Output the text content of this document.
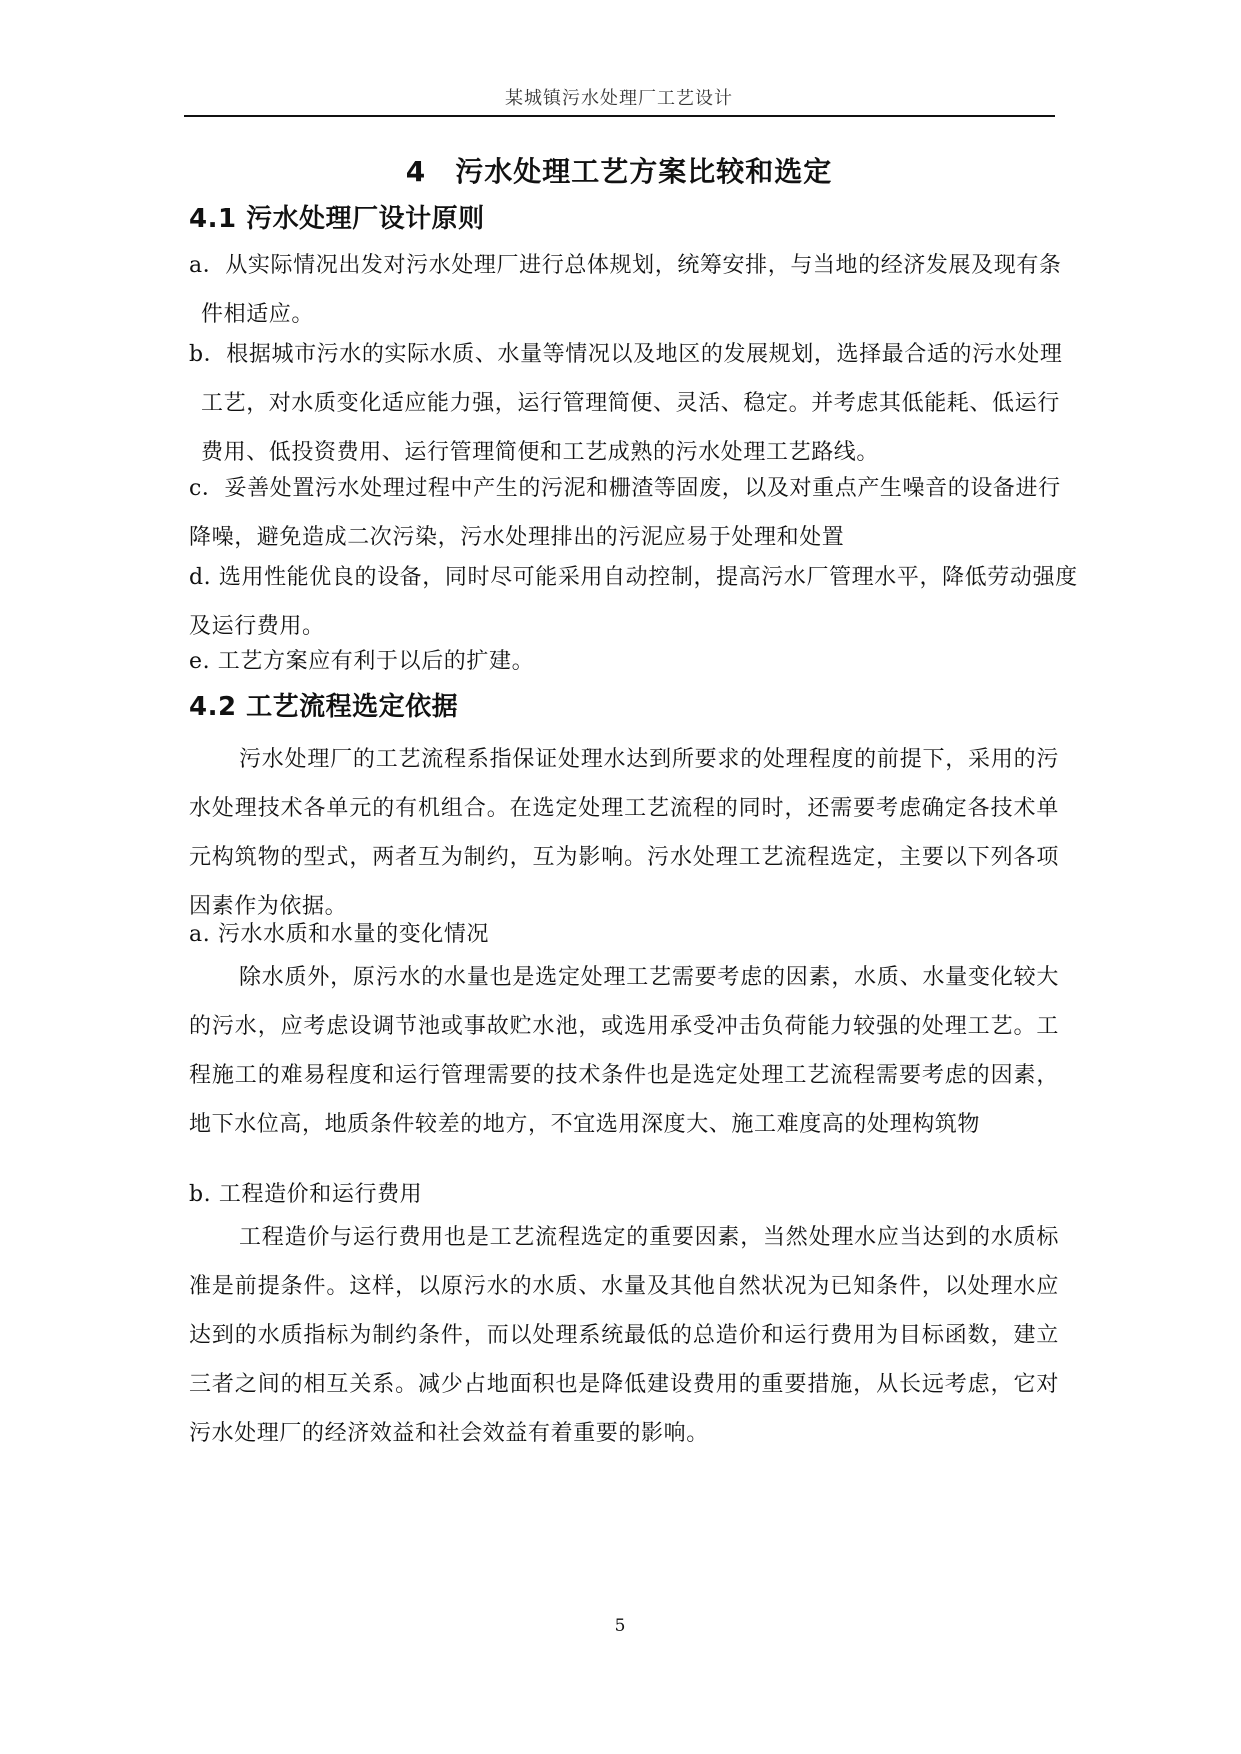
某城镇污水处理厂工艺设计
4　污水处理工艺方案比较和选定
4.1 污水处理厂设计原则
a．从实际情况出发对污水处理厂进行总体规划，统筹安排，与当地的经济发展及现有条件相适应。
b．根据城市污水的实际水质、水量等情况以及地区的发展规划，选择最合适的污水处理工艺，对水质变化适应能力强，运行管理简便、灵活、稳定。并考虑其低能耗、低运行费用、低投资费用、运行管理简便和工艺成熟的污水处理工艺路线。
c．妥善处置污水处理过程中产生的污泥和栅渣等固废，以及对重点产生噪音的设备进行降噪，避免造成二次污染，污水处理排出的污泥应易于处理和处置
d. 选用性能优良的设备，同时尽可能采用自动控制，提高污水厂管理水平，降低劳动强度及运行费用。
e. 工艺方案应有利于以后的扩建。
4.2 工艺流程选定依据
污水处理厂的工艺流程系指保证处理水达到所要求的处理程度的前提下，采用的污水处理技术各单元的有机组合。在选定处理工艺流程的同时，还需要考虑确定各技术单元构筑物的型式，两者互为制约，互为影响。污水处理工艺流程选定，主要以下列各项因素作为依据。
a. 污水水质和水量的变化情况
除水质外，原污水的水量也是选定处理工艺需要考虑的因素，水质、水量变化较大的污水，应考虑设调节池或事故贮水池，或选用承受冲击负荷能力较强的处理工艺。工程施工的难易程度和运行管理需要的技术条件也是选定处理工艺流程需要考虑的因素，地下水位高，地质条件较差的地方，不宜选用深度大、施工难度高的处理构筑物
b. 工程造价和运行费用
工程造价与运行费用也是工艺流程选定的重要因素，当然处理水应当达到的水质标准是前提条件。这样，以原污水的水质、水量及其他自然状况为已知条件，以处理水应达到的水质指标为制约条件，而以处理系统最低的总造价和运行费用为目标函数，建立三者之间的相互关系。减少占地面积也是降低建设费用的重要措施，从长远考虑，它对污水处理厂的经济效益和社会效益有着重要的影响。
5
